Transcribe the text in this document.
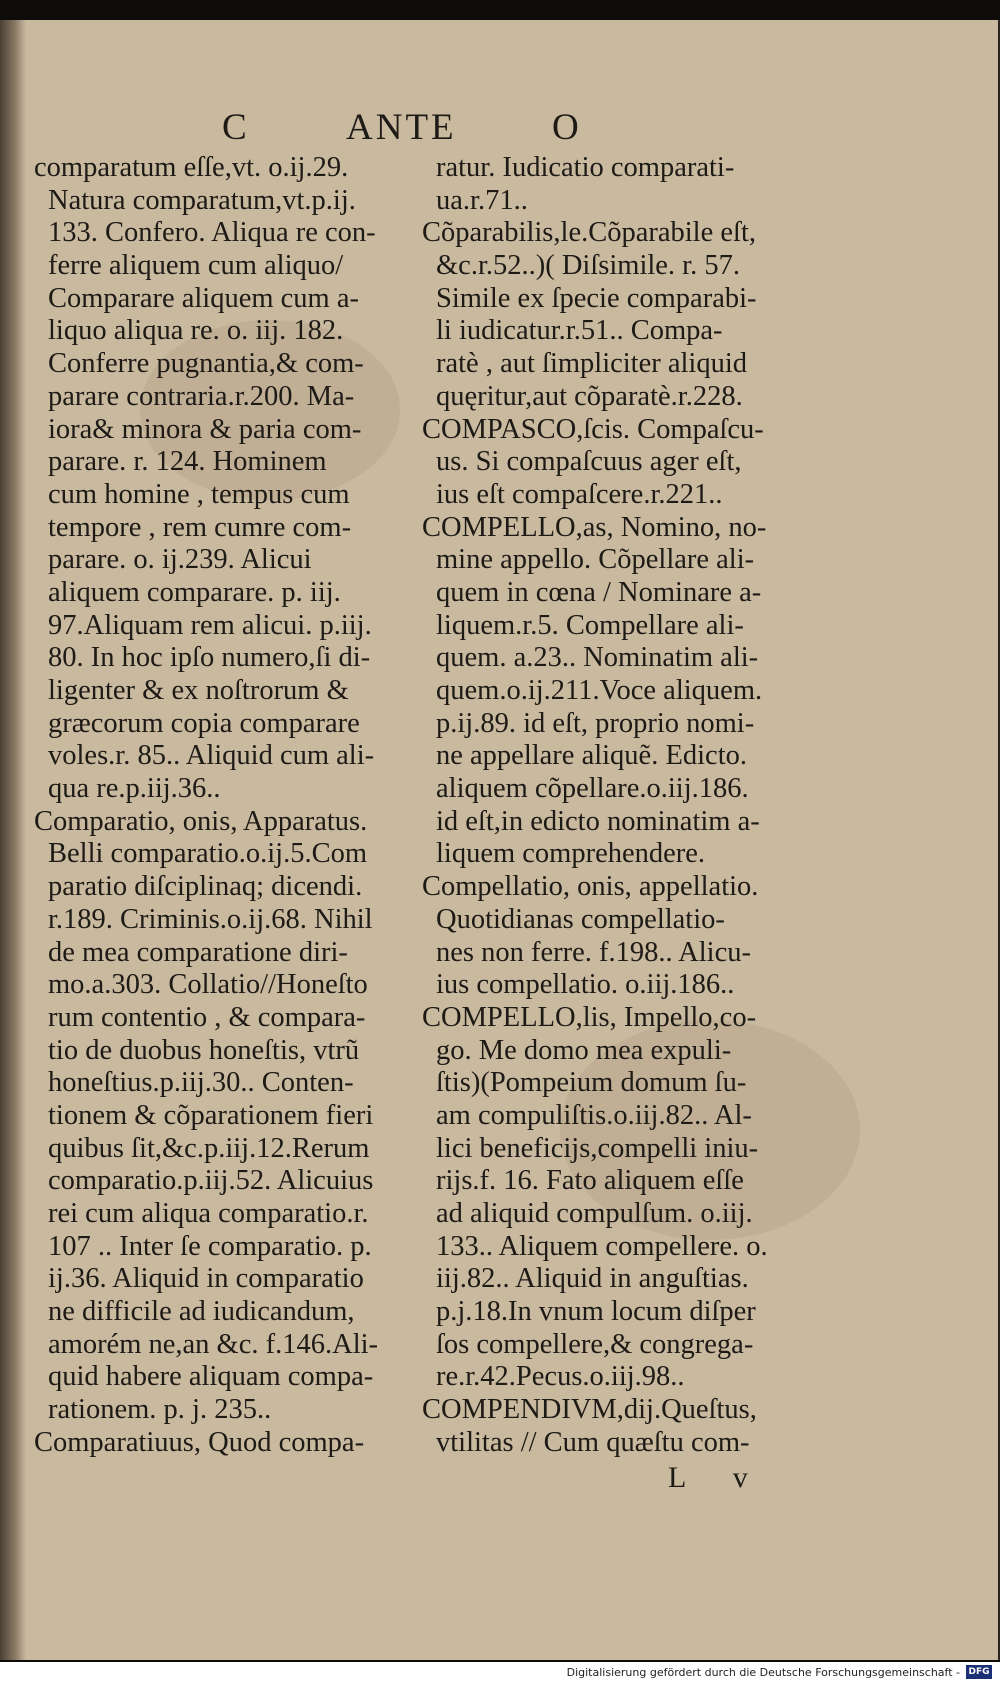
C	ANTE	O
comparatum eſſe,vt. o.ij.29.
Natura comparatum,vt.p.ij.
133. Confero. Aliqua re con-
ferre aliquem cum aliquo/
Comparare aliquem cum a-
liquo aliqua re. o. iij. 182.
Conferre pugnantia,& com-
parare contraria.r.200. Ma-
iora& minora & paria com-
parare. r. 124. Hominem
cum homine , tempus cum
tempore , rem cumre com-
parare. o. ij.239. Alicui
aliquem comparare. p. iij.
97.Aliquam rem alicui. p.iij.
80. In hoc ipſo numero,ſi di-
ligenter & ex noſtrorum &
græcorum copia comparare
voles.r. 85.. Aliquid cum ali-
qua re.p.iij.36..
Comparatio, onis, Apparatus.
Belli comparatio.o.ij.5.Com
paratio diſciplinaq; dicendi.
r.189. Criminis.o.ij.68. Nihil
de mea comparatione diri-
mo.a.303. Collatio//Honeſto
rum contentio , & compara-
tio de duobus honeſtis, vtrũ
honeſtius.p.iij.30.. Conten-
tionem & cõparationem fieri
quibus ſit,&c.p.iij.12.Rerum
comparatio.p.iij.52. Alicuius
rei cum aliqua comparatio.r.
107 .. Inter ſe comparatio. p.
ij.36. Aliquid in comparatio
ne difficile ad iudicandum,
amorém ne,an &c. f.146.Ali-
quid habere aliquam compa-
rationem. p. j. 235..
Comparatiuus, Quod compa-
ratur. Iudicatio comparati-
ua.r.71..
Cõparabilis,le.Cõparabile eſt,
&c.r.52..)( Diſsimile. r. 57.
Simile ex ſpecie comparabi-
li iudicatur.r.51.. Compa-
ratè , aut ſimpliciter aliquid
quęritur,aut cõparatè.r.228.
COMPASCO,ſcis. Compaſcu-
us. Si compaſcuus ager eſt,
ius eſt compaſcere.r.221..
COMPELLO,as, Nomino, no-
mine appello. Cõpellare ali-
quem in cœna / Nominare a-
liquem.r.5. Compellare ali-
quem. a.23.. Nominatim ali-
quem.o.ij.211.Voce aliquem.
p.ij.89. id eſt, proprio nomi-
ne appellare aliquẽ. Edicto.
aliquem cõpellare.o.iij.186.
id eſt,in edicto nominatim a-
liquem comprehendere.
Compellatio, onis, appellatio.
Quotidianas compellatio-
nes non ferre. f.198.. Alicu-
ius compellatio. o.iij.186..
COMPELLO,lis, Impello,co-
go. Me domo mea expuli-
ſtis)(Pompeium domum ſu-
am compuliſtis.o.iij.82.. Al-
lici beneficijs,compelli iniu-
rijs.f. 16. Fato aliquem eſſe
ad aliquid compulſum. o.iij.
133.. Aliquem compellere. o.
iij.82.. Aliquid in anguſtias.
p.j.18.In vnum locum diſper
ſos compellere,& congrega-
re.r.42.Pecus.o.iij.98..
COMPENDIVM,dij.Queſtus,
vtilitas // Cum quæſtu com-
L v
Digitalisierung gefördert durch die Deutsche Forschungsgemeinschaft - DFG
